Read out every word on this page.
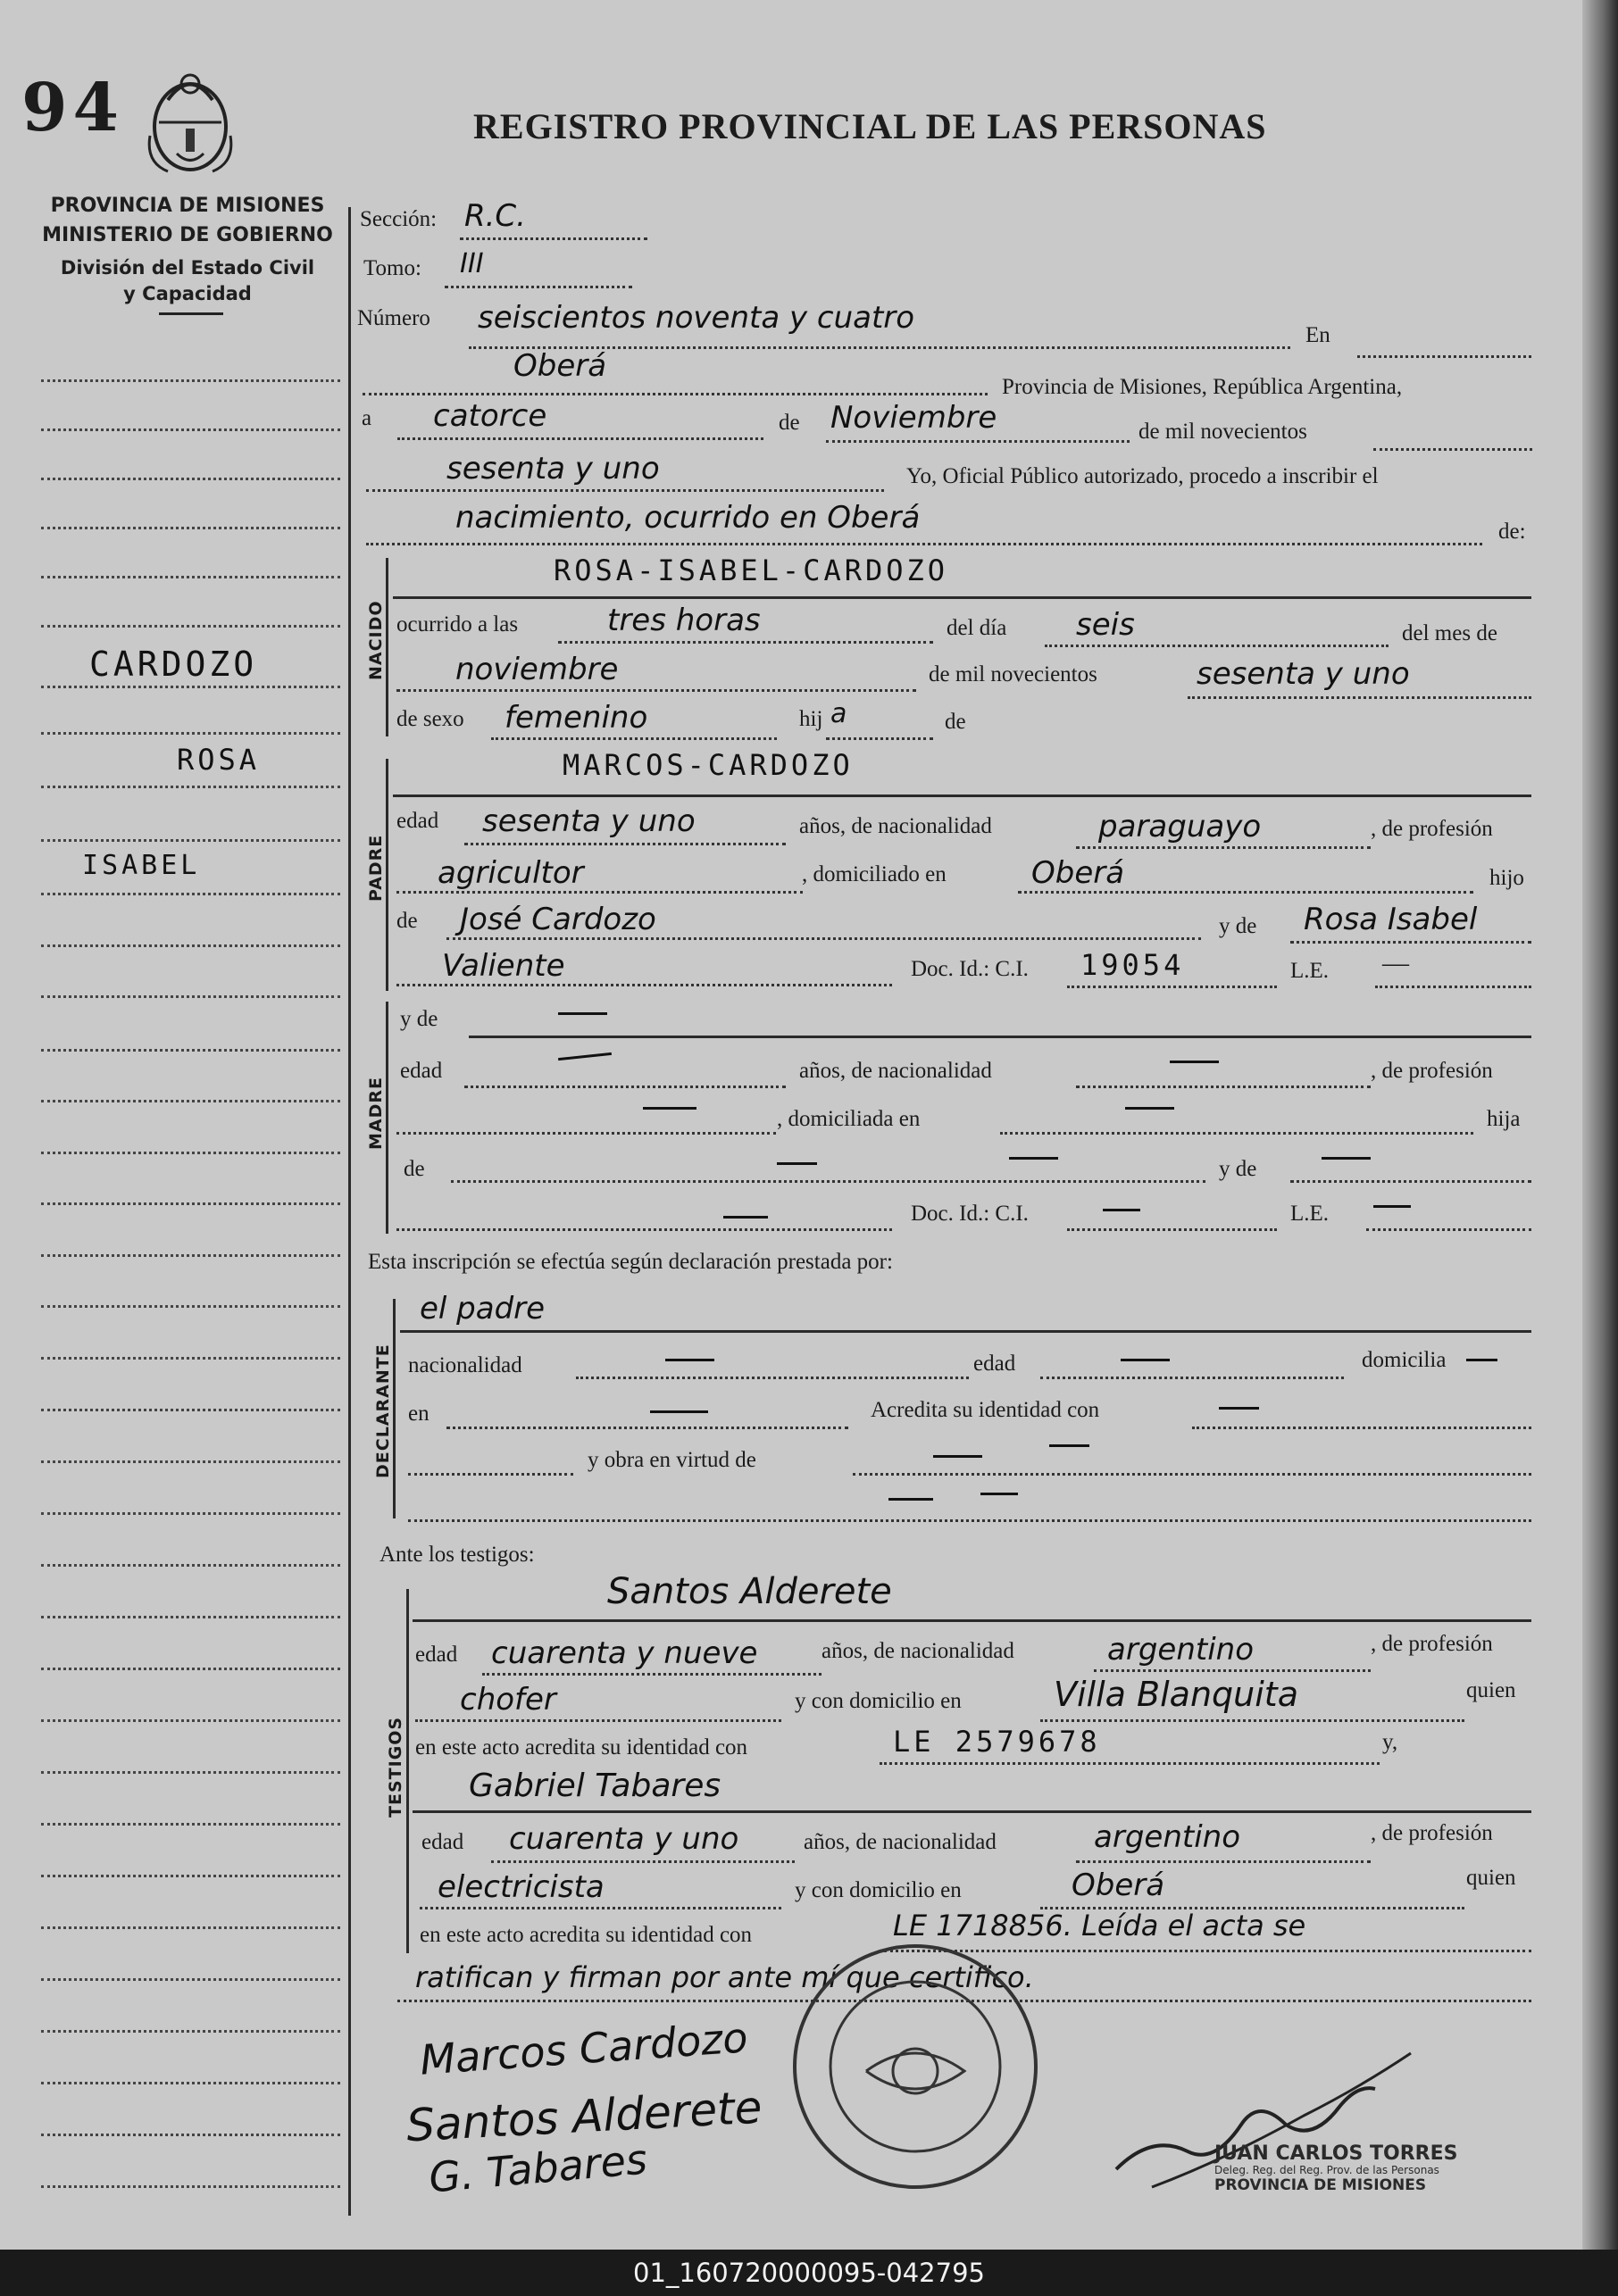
94	REGISTRO PROVINCIAL DE LAS PERSONAS
PROVINCIA DE MISIONES
MINISTERIO DE GOBIERNO
División del Estado Civil
y Capacidad
CARDOZO
ROSA
ISABEL
Sección: R.C.
Tomo: III
Número seiscientos noventa y cuatro	En
Oberá
Provincia de Misiones, República Argentina,
a catorce	de Noviembre	de mil novecientos
sesenta y uno	Yo, Oficial Público autorizado, procedo a inscribir el
nacimiento, ocurrido en Oberá	de:
NACIDO
ROSA-ISABEL-CARDOZO
ocurrido a las	tres horas	del día seis	del mes de
noviembre	de mil novecientos	sesenta y uno
de sexo femenino	hij a	de
PADRE
MARCOS-CARDOZO
edad sesenta y uno	años, de nacionalidad	paraguayo	, de profesión
agricultor	, domiciliado en	Oberá	hijo
de José Cardozo	y de Rosa Isabel
Valiente	Doc. Id.: C.I. 19054	L.E. —
MADRE
y de
edad	años, de nacionalidad	, de profesión
, domiciliada en	hija
de	y de
Doc. Id.: C.I.	L.E.
Esta inscripción se efectúa según declaración prestada por:
DECLARANTE
el padre
nacionalidad	edad	domicilia
en	Acredita su identidad con
y obra en virtud de
Ante los testigos:
TESTIGOS
Santos Alderete
edad cuarenta y nueve	años, de nacionalidad	argentino	, de profesión
chofer	y con domicilio en	Villa Blanquita	quien
en este acto acredita su identidad con	LE 2579678	y,
Gabriel Tabares
edad cuarenta y uno	años, de nacionalidad	argentino	, de profesión
electricista	y con domicilio en	Oberá	quien
en este acto acredita su identidad con	LE 1718856. Leída el acta se
ratifican y firman por ante mí que certifico.
Marcos Cardozo
Santos Alderete
G. Tabares	JUAN CARLOS TORRES
Deleg. Reg. del Reg. Prov. de las Personas
PROVINCIA DE MISIONES
01_160720000095-042795
